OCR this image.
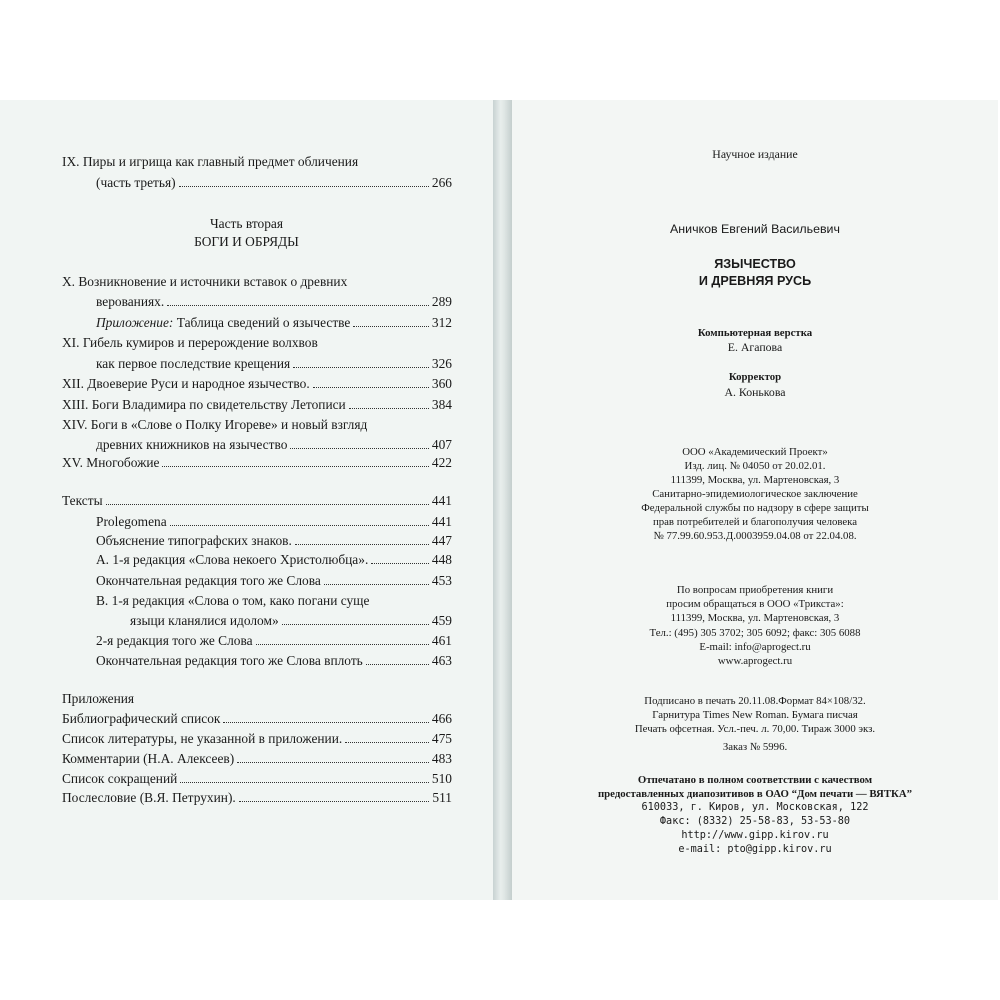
IX. Пиры и игрища как главный предмет обличения
(часть третья)	266
Часть вторая
БОГИ И ОБРЯДЫ
X. Возникновение и источники вставок о древних
верованиях.	289
Приложение: Таблица сведений о язычестве	312
XI. Гибель кумиров и перерождение волхвов
как первое последствие крещения	326
XII. Двоеверие Руси и народное язычество.	360
XIII. Боги Владимира по свидетельству Летописи	384
XIV. Боги в «Слове о Полку Игореве» и новый взгляд
древних книжников на язычество	407
XV. Многобожие	422
Тексты	441
Prolegomena	441
Объяснение типографских знаков.	447
А. 1-я редакция «Слова некоего Христолюбца».	448
Окончательная редакция того же Слова	453
В. 1-я редакция «Слова о том, како погани суще
языци кланялися идолом»	459
2-я редакция того же Слова	461
Окончательная редакция того же Слова вплоть	463
Приложения
Библиографический список	466
Список литературы, не указанной в приложении.	475
Комментарии (Н.А. Алексеев)	483
Список сокращений	510
Послесловие (В.Я. Петрухин).	511
Научное издание
Аничков Евгений Васильевич
ЯЗЫЧЕСТВО
И ДРЕВНЯЯ РУСЬ
Компьютерная верстка
Е. Агапова
Корректор
А. Конькова
ООО «Академический Проект»
Изд. лиц. № 04050 от 20.02.01.
111399, Москва, ул. Мартеновская, 3
Санитарно-эпидемиологическое заключение
Федеральной службы по надзору в сфере защиты
прав потребителей и благополучия человека
№ 77.99.60.953.Д.0003959.04.08 от 22.04.08.
По вопросам приобретения книги
просим обращаться в ООО «Трикста»:
111399, Москва, ул. Мартеновская, 3
Тел.: (495) 305 3702; 305 6092; факс: 305 6088
E-mail: info@aprogect.ru
www.aprogect.ru
Подписано в печать 20.11.08.Формат 84×108/32.
Гарнитура Times New Roman. Бумага писчая
Печать офсетная. Усл.-печ. л. 70,00. Тираж 3000 экз.
Заказ № 5996.
Отпечатано в полном соответствии с качеством
предоставленных диапозитивов в ОАО “Дом печати — ВЯТКА”
610033, г. Киров, ул. Московская, 122
Факс: (8332) 25-58-83, 53-53-80
http://www.gipp.kirov.ru
e-mail: pto@gipp.kirov.ru
